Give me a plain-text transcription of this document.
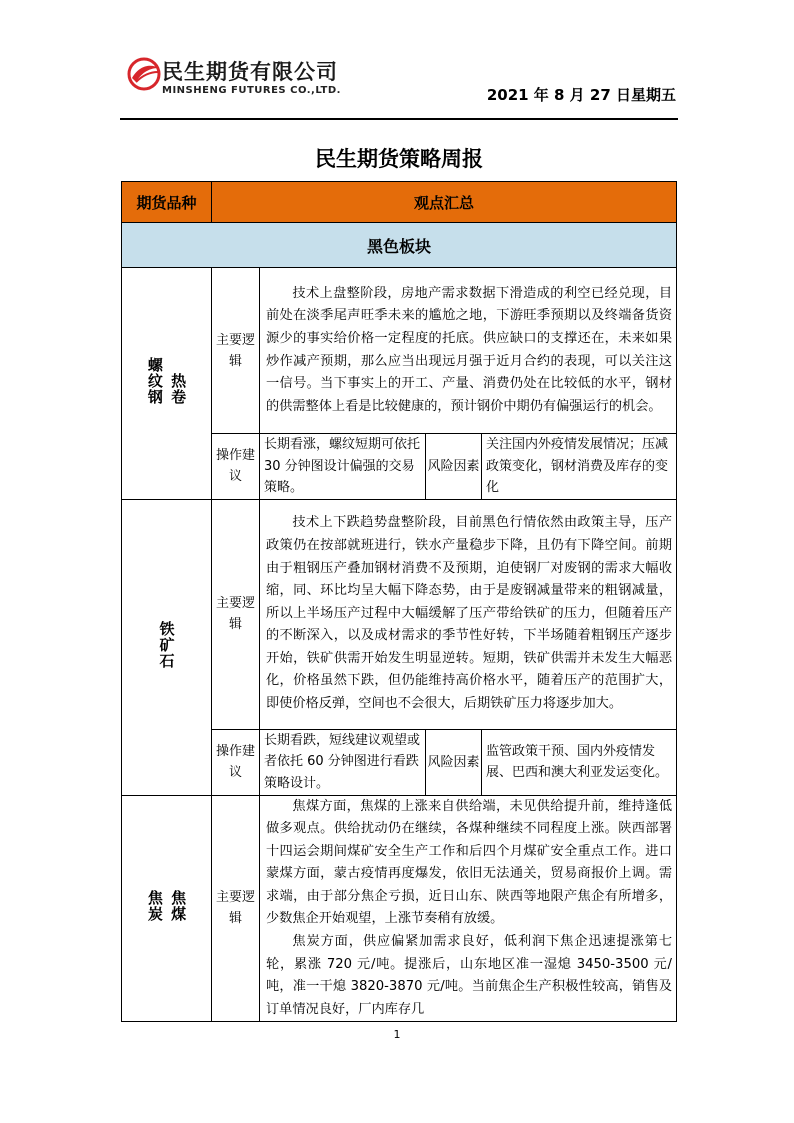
民生期货有限公司
MINSHENG FUTURES CO.,LTD.	2021 年 8 月 27 日星期五
民生期货策略周报
期货品种	观点汇总			
黑色板块				
螺纹钢 热卷	主要逻辑	技术上盘整阶段，房地产需求数据下滑造成的利空已经兑现，目前处在淡季尾声旺季未来的尴尬之地，下游旺季预期以及终端备货资源少的事实给价格一定程度的托底。供应缺口的支撑还在，未来如果炒作减产预期，那么应当出现远月强于近月合约的表现，可以关注这一信号。当下事实上的开工、产量、消费仍处在比较低的水平，钢材的供需整体上看是比较健康的，预计钢价中期仍有偏强运行的机会。		

	操作建议	长期看涨，螺纹短期可依托 30 分钟图设计偏强的交易策略。	风险因素	关注国内外疫情发展情况；压减政策变化，钢材消费及库存的变化
铁矿石	主要逻辑	技术上下跌趋势盘整阶段，目前黑色行情依然由政策主导，压产政策仍在按部就班进行，铁水产量稳步下降，且仍有下降空间。前期由于粗钢压产叠加钢材消费不及预期，迫使钢厂对废钢的需求大幅收缩，同、环比均呈大幅下降态势，由于是废钢减量带来的粗钢减量，所以上半场压产过程中大幅缓解了压产带给铁矿的压力，但随着压产的不断深入，以及成材需求的季节性好转，下半场随着粗钢压产逐步开始，铁矿供需开始发生明显逆转。短期，铁矿供需并未发生大幅恶化，价格虽然下跌，但仍能维持高价格水平，随着压产的范围扩大，即使价格反弹，空间也不会很大，后期铁矿压力将逐步加大。		

	操作建议	长期看跌，短线建议观望或者依托 60 分钟图进行看跌策略设计。	风险因素	监管政策干预、国内外疫情发展、巴西和澳大利亚发运变化。
焦炭 焦煤	主要逻辑	焦煤方面，焦煤的上涨来自供给端，未见供给提升前，维持逢低做多观点。供给扰动仍在继续，各煤种继续不同程度上涨。陕西部署十四运会期间煤矿安全生产工作和后四个月煤矿安全重点工作。进口蒙煤方面，蒙古疫情再度爆发，依旧无法通关，贸易商报价上调。需求端，由于部分焦企亏损，近日山东、陕西等地限产焦企有所增多，少数焦企开始观望，上涨节奏稍有放缓。

焦炭方面，供应偏紧加需求良好，低利润下焦企迅速提涨第七轮，累涨 720 元/吨。提涨后，山东地区准一湿熄 3450-3500 元/吨，准一干熄 3820-3870 元/吨。当前焦企生产积极性较高，销售及订单情况良好，厂内库存几		

1
